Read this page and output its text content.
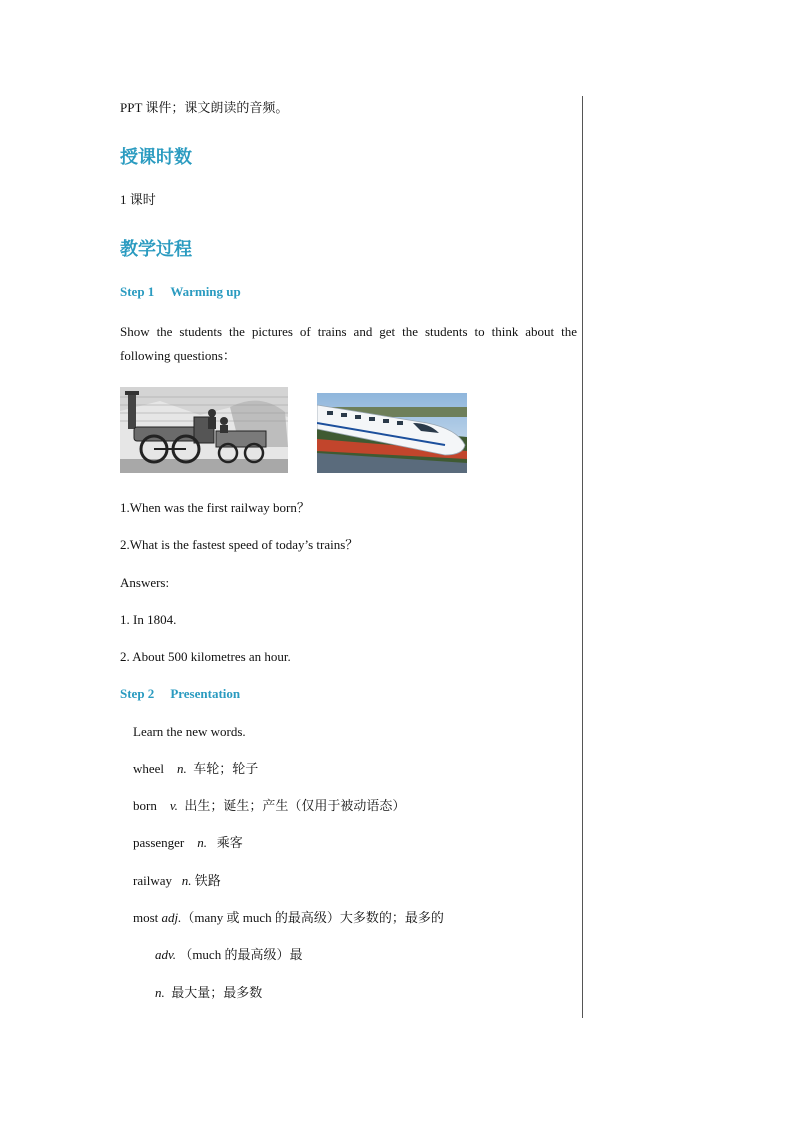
PPT 课件；课文朗读的音频。
授课时数
1 课时
教学过程
Step 1 Warming up
Show the students the pictures of trains and get the students to think about the following questions：
1.When was the first railway born？
2.What is the fastest speed of today’s trains？
Answers:
1. In 1804.
2. About 500 kilometres an hour.
Step 2 Presentation
Learn the new words.
wheel n. 车轮；轮子
born v. 出生；诞生；产生（仅用于被动语态）
passenger n. 乘客
railway n. 铁路
most adj.（many 或 much 的最高级）大多数的；最多的
adv. （much 的最高级）最
n. 最大量；最多数
